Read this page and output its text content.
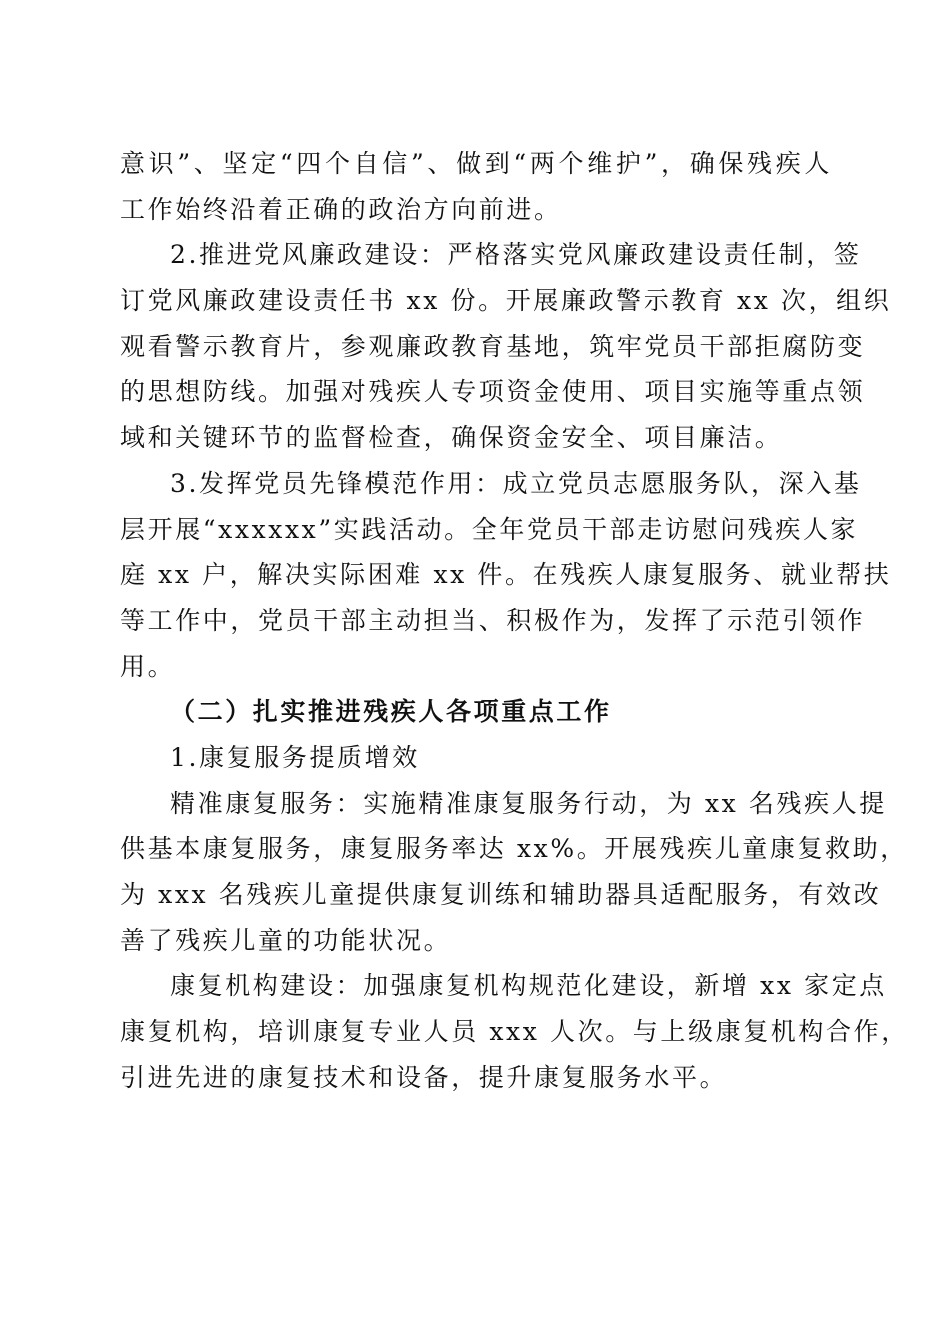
意识”、坚定“四个自信”、做到“两个维护”，确保残疾人
工作始终沿着正确的政治方向前进。
2.推进党风廉政建设：严格落实党风廉政建设责任制，签
订党风廉政建设责任书 xx 份。开展廉政警示教育 xx 次，组织
观看警示教育片，参观廉政教育基地，筑牢党员干部拒腐防变
的思想防线。加强对残疾人专项资金使用、项目实施等重点领
域和关键环节的监督检查，确保资金安全、项目廉洁。
3.发挥党员先锋模范作用：成立党员志愿服务队，深入基
层开展“xxxxxx”实践活动。全年党员干部走访慰问残疾人家
庭 xx 户，解决实际困难 xx 件。在残疾人康复服务、就业帮扶
等工作中，党员干部主动担当、积极作为，发挥了示范引领作
用。
（二）扎实推进残疾人各项重点工作
1.康复服务提质增效
精准康复服务：实施精准康复服务行动，为 xx 名残疾人提
供基本康复服务，康复服务率达 xx%。开展残疾儿童康复救助，
为 xxx 名残疾儿童提供康复训练和辅助器具适配服务，有效改
善了残疾儿童的功能状况。
康复机构建设：加强康复机构规范化建设，新增 xx 家定点
康复机构，培训康复专业人员 xxx 人次。与上级康复机构合作，
引进先进的康复技术和设备，提升康复服务水平。
